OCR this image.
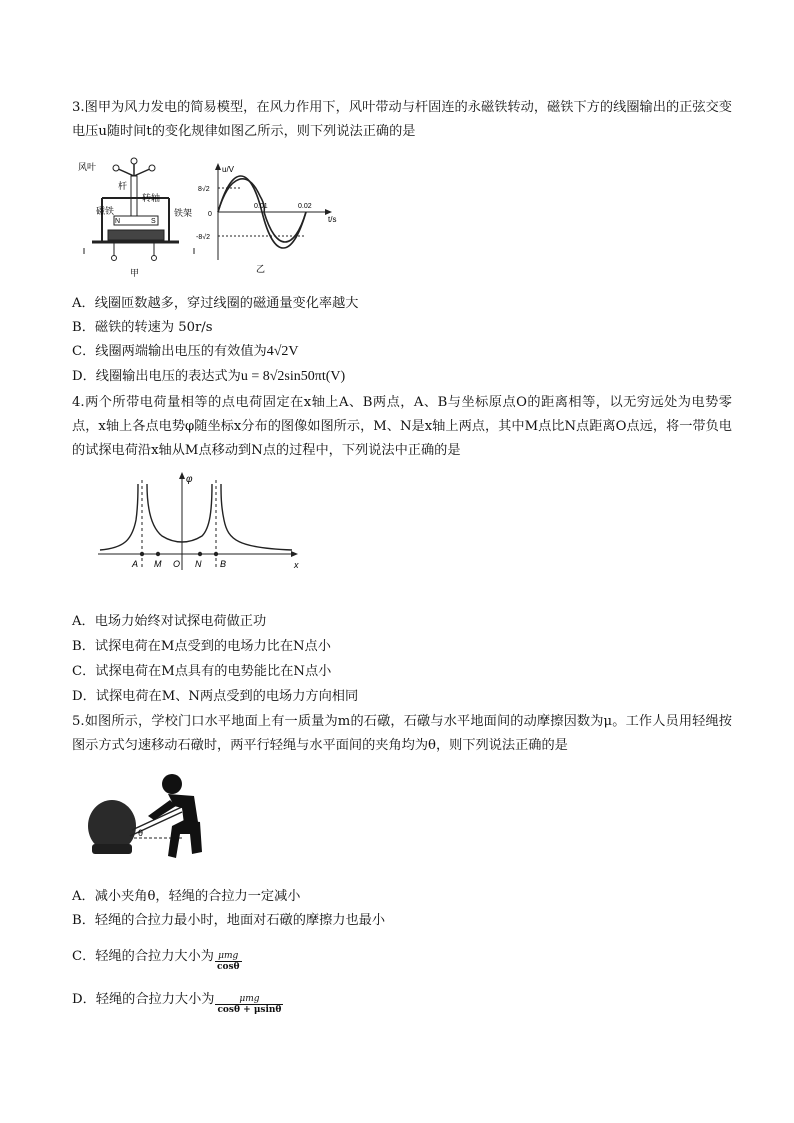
3.图甲为风力发电的简易模型，在风力作用下，风叶带动与杆固连的永磁铁转动，磁铁下方的线圈输出的正弦交变电压u随时间t的变化规律如图乙所示，则下列说法正确的是

N	S
风叶
杆
转轴
磁铁	铁架
甲
u/V
t/s
8√2
0
-8√2
0.01	0.02
乙
A．线圈匝数越多，穿过线圈的磁通量变化率越大
B．磁铁的转速为 50r/s
C．线圈两端输出电压的有效值为4√2V
D．线圈输出电压的表达式为u = 8√2sin50πt(V)

4.两个所带电荷量相等的点电荷固定在x轴上A、B两点，A、B与坐标原点O的距离相等，以无穷远处为电势零点，x轴上各点电势φ随坐标x分布的图像如图所示，M、N是x轴上两点，其中M点比N点距离O点远，将一带负电的试探电荷沿x轴从M点移动到N点的过程中，下列说法中正确的是

φ
x
A M O N B
A．电场力始终对试探电荷做正功
B．试探电荷在M点受到的电场力比在N点小
C．试探电荷在M点具有的电势能比在N点小
D．试探电荷在M、N两点受到的电场力方向相同

5.如图所示，学校门口水平地面上有一质量为m的石礅，石礅与水平地面间的动摩擦因数为μ。工作人员用轻绳按图示方式匀速移动石礅时，两平行轻绳与水平面间的夹角均为θ，则下列说法正确的是

θ
A．减小夹角θ，轻绳的合拉力一定减小
B．轻绳的合拉力最小时，地面对石礅的摩擦力也最小
C．轻绳的合拉力大小为 $\frac{\text{μmg}}{\cos\theta}$
D．轻绳的合拉力大小为 $\frac{\text{μmg}}{\cos\theta + \mu\sin\theta}$
